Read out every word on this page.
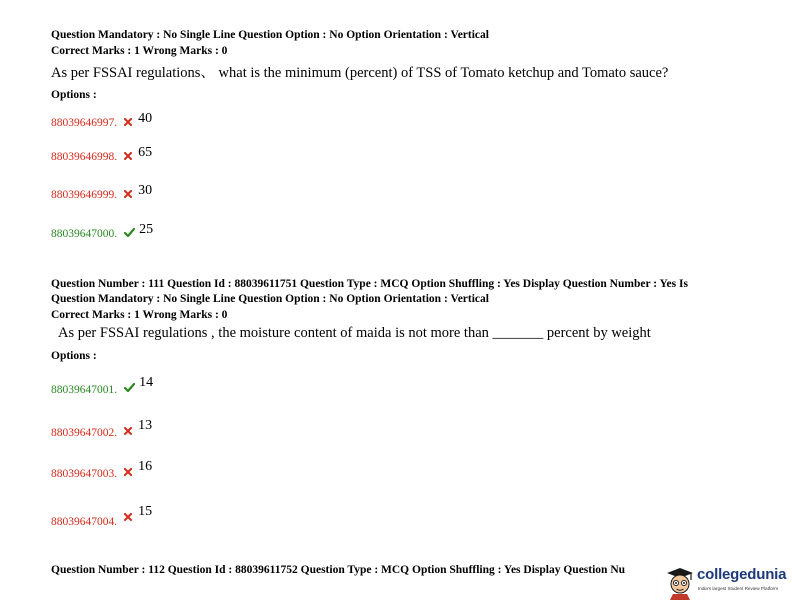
Question Mandatory : No Single Line Question Option : No Option Orientation : Vertical
Correct Marks : 1 Wrong Marks : 0
As per FSSAI regulations、 what is the minimum (percent) of TSS of Tomato ketchup and Tomato sauce?
Options :
88039646997. 40
88039646998. 65
88039646999. 30
88039647000. 25
Question Number : 111 Question Id : 88039611751 Question Type : MCQ Option Shuffling : Yes Display Question Number : Yes Is
Question Mandatory : No Single Line Question Option : No Option Orientation : Vertical
Correct Marks : 1 Wrong Marks : 0
As per FSSAI regulations , the moisture content of maida is not more than _______ percent by weight
Options :
$_{88039647001.}$ 14
$_{88039647002.}$ 13
$_{88039647003.}$ 16
$_{88039647004.}$  15
Question Number : 112 Question Id : 88039611752 Question Type : MCQ Option Shuffling : Yes Display Question Nu	collegedunia
India's largest Student Review Platform
